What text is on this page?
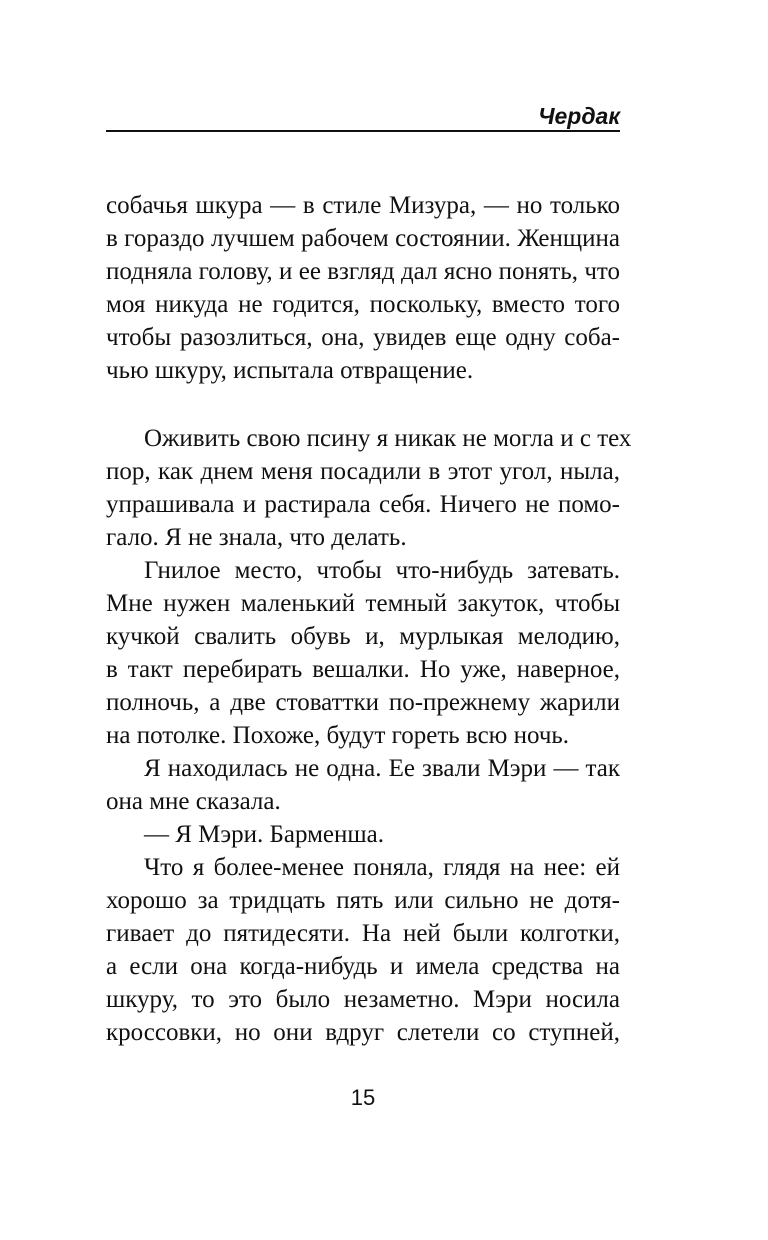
Чердак
собачья шкура — в стиле Мизура, — но только
в гораздо лучшем рабочем состоянии. Женщина
подняла голову, и ее взгляд дал ясно понять, что
моя никуда не годится, поскольку, вместо того
чтобы разозлиться, она, увидев еще одну соба-
чью шкуру, испытала отвращение.
Оживить свою псину я никак не могла и с тех
пор, как днем меня посадили в этот угол, ныла,
упрашивала и растирала себя. Ничего не помо-
гало. Я не знала, что делать.
Гнилое место, чтобы что-нибудь затевать.
Мне нужен маленький темный закуток, чтобы
кучкой свалить обувь и, мурлыкая мелодию,
в такт перебирать вешалки. Но уже, наверное,
полночь, а две стоваттки по-прежнему жарили
на потолке. Похоже, будут гореть всю ночь.
Я находилась не одна. Ее звали Мэри — так
она мне сказала.
— Я Мэри. Барменша.
Что я более-менее поняла, глядя на нее: ей
хорошо за тридцать пять или сильно не дотя-
гивает до пятидесяти. На ней были колготки,
а если она когда-нибудь и имела средства на
шкуру, то это было незаметно. Мэри носила
кроссовки, но они вдруг слетели со ступней,
15
